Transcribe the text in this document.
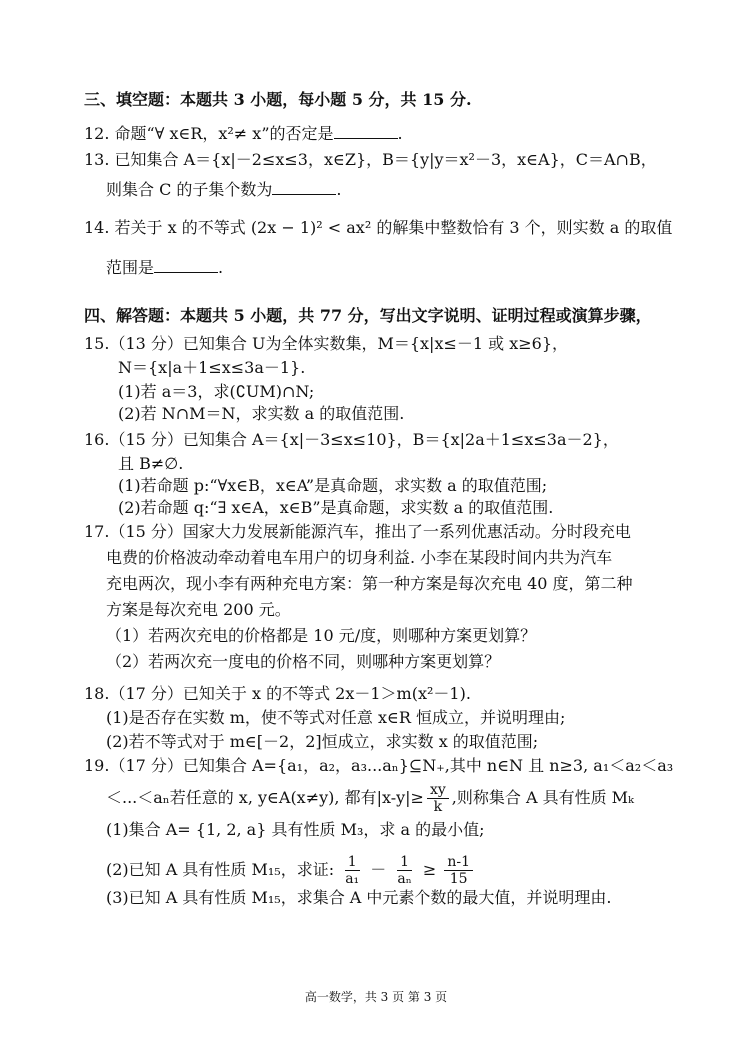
三、填空题：本题共 3 小题，每小题 5 分，共 15 分.
12. 命题“∀ x∈R，x²≠ x”的否定是	.
13. 已知集合 A＝{x|－2≤x≤3，x∈Z}，B＝{y|y＝x²－3，x∈A}，C＝A∩B，
则集合 C 的子集个数为	.
14. 若关于 x 的不等式 (2x − 1)² < ax² 的解集中整数恰有 3 个，则实数 a 的取值
范围是	.
四、解答题：本题共 5 小题，共 77 分，写出文字说明、证明过程或演算步骤，
15.（13 分）已知集合 U为全体实数集，M＝{x|x≤－1 或 x≥6}，
N＝{x|a＋1≤x≤3a－1}.
(1)若 a＝3，求(∁UM)∩N;
(2)若 N∩M＝N，求实数 a 的取值范围.
16.（15 分）已知集合 A＝{x|－3≤x≤10}，B＝{x|2a＋1≤x≤3a－2}，
且 B≠∅.
(1)若命题 p:“∀x∈B，x∈A”是真命题，求实数 a 的取值范围;
(2)若命题 q:“∃ x∈A，x∈B”是真命题，求实数 a 的取值范围.
17.（15 分）国家大力发展新能源汽车，推出了一系列优惠活动。分时段充电
电费的价格波动牵动着电车用户的切身利益. 小李在某段时间内共为汽车
充电两次，现小李有两种充电方案：第一种方案是每次充电 40 度，第二种
方案是每次充电 200 元。
（1）若两次充电的价格都是 10 元/度，则哪种方案更划算？
（2）若两次充一度电的价格不同，则哪种方案更划算？
18.（17 分）已知关于 x 的不等式 2x－1＞m(x²－1).
(1)是否存在实数 m，使不等式对任意 x∈R 恒成立，并说明理由;
(2)若不等式对于 m∈[－2，2]恒成立，求实数 x 的取值范围;
19.（17 分）已知集合 A={a₁，a₂，a₃...aₙ}⊆N₊,其中 n∈N 且 n≥3, a₁＜a₂＜a₃
＜...＜aₙ若任意的 x, y∈A(x≠y), 都有$|x-y|\ge \frac{xy}{k}$ ,则称集合 A 具有性质 Mₖ
(1)集合 A= {1, 2, a} 具有性质 M₃，求 a 的最小值;
(2)已知 A 具有性质 M₁₅，求证: $\frac{1}{\text{a₁}} - \frac{1}{\text{aₙ}} \ge \frac{n-1}{15}$
(3)已知 A 具有性质 M₁₅，求集合 A 中元素个数的最大值，并说明理由.
高一数学，共 3 页 第 3 页
